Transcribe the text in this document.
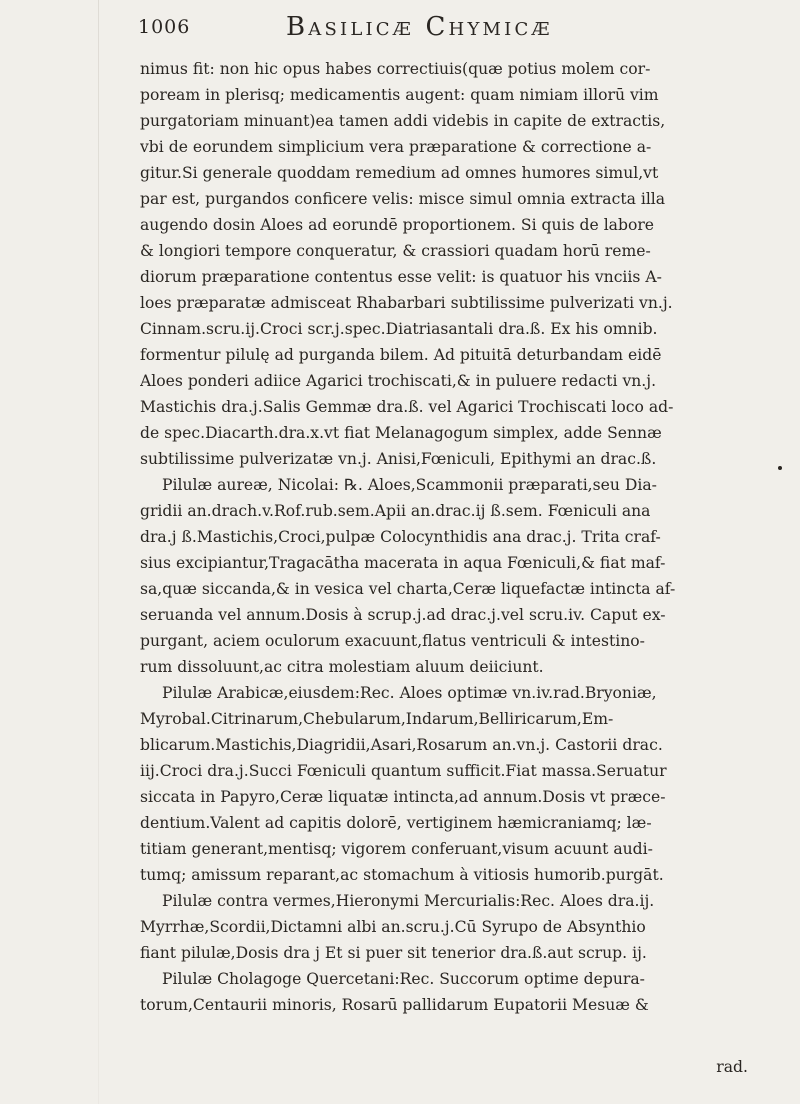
1006	Basilicæ Chymicæ
nimus fit: non hic opus habes correctiuis(quæ potius molem cor-
poream in plerisq; medicamentis augent: quam nimiam illorū vim
purgatoriam minuant)ea tamen addi videbis in capite de extractis,
vbi de eorundem simplicium vera præparatione & correctione a-
gitur.Si generale quoddam remedium ad omnes humores simul,vt
par est, purgandos conficere velis: misce simul omnia extracta illa
augendo dosin Aloes ad eorundē proportionem. Si quis de labore
& longiori tempore conqueratur, & crassiori quadam horū reme-
diorum præparatione contentus esse velit: is quatuor his vnciis A-
loes præparatæ admisceat Rhabarbari subtilissime pulverizati vn.j.
Cinnam.scru.ij.Croci scr.j.spec.Diatriasantali dra.ß. Ex his omnib.
formentur pilulę ad purganda bilem. Ad pituitā deturbandam eidē
Aloes ponderi adiice Agarici trochiscati,& in puluere redacti vn.j.
Mastichis dra.j.Salis Gemmæ dra.ß. vel Agarici Trochiscati loco ad-
de spec.Diacarth.dra.x.vt fiat Melanagogum simplex, adde Sennæ
subtilissime pulverizatæ vn.j. Anisi,Fœniculi, Epithymi an drac.ß.
Pilulæ aureæ, Nicolai: ℞. Aloes,Scammonii præparati,seu Dia-
gridii an.drach.v.Rof.rub.sem.Apii an.drac.ij ß.sem. Fœniculi ana
dra.j ß.Mastichis,Croci,pulpæ Colocynthidis ana drac.j. Trita craf-
sius excipiantur,Tragacātha macerata in aqua Fœniculi,& fiat maf-
sa,quæ siccanda,& in vesica vel charta,Ceræ liquefactæ intincta af-
seruanda vel annum.Dosis à scrup.j.ad drac.j.vel scru.iv. Caput ex-
purgant, aciem oculorum exacuunt,flatus ventriculi & intestino-
rum dissoluunt,ac citra molestiam aluum deiiciunt.
Pilulæ Arabicæ,eiusdem:Rec. Aloes optimæ vn.iv.rad.Bryoniæ,
Myrobal.Citrinarum,Chebularum,Indarum,Belliricarum,Em-
blicarum.Mastichis,Diagridii,Asari,Rosarum an.vn.j. Castorii drac.
iij.Croci dra.j.Succi Fœniculi quantum sufficit.Fiat massa.Seruatur
siccata in Papyro,Ceræ liquatæ intincta,ad annum.Dosis vt præce-
dentium.Valent ad capitis dolorē, vertiginem hæmicraniamq; læ-
titiam generant,mentisq; vigorem conferuant,visum acuunt audi-
tumq; amissum reparant,ac stomachum à vitiosis humorib.purgāt.
Pilulæ contra vermes,Hieronymi Mercurialis:Rec. Aloes dra.ij.
Myrrhæ,Scordii,Dictamni albi an.scru.j.Cū Syrupo de Absynthio
fiant pilulæ,Dosis dra j Et si puer sit tenerior dra.ß.aut scrup. ij.
Pilulæ Cholagoge Quercetani:Rec. Succorum optime depura-
torum,Centaurii minoris, Rosarū pallidarum Eupatorii Mesuæ &
rad.
